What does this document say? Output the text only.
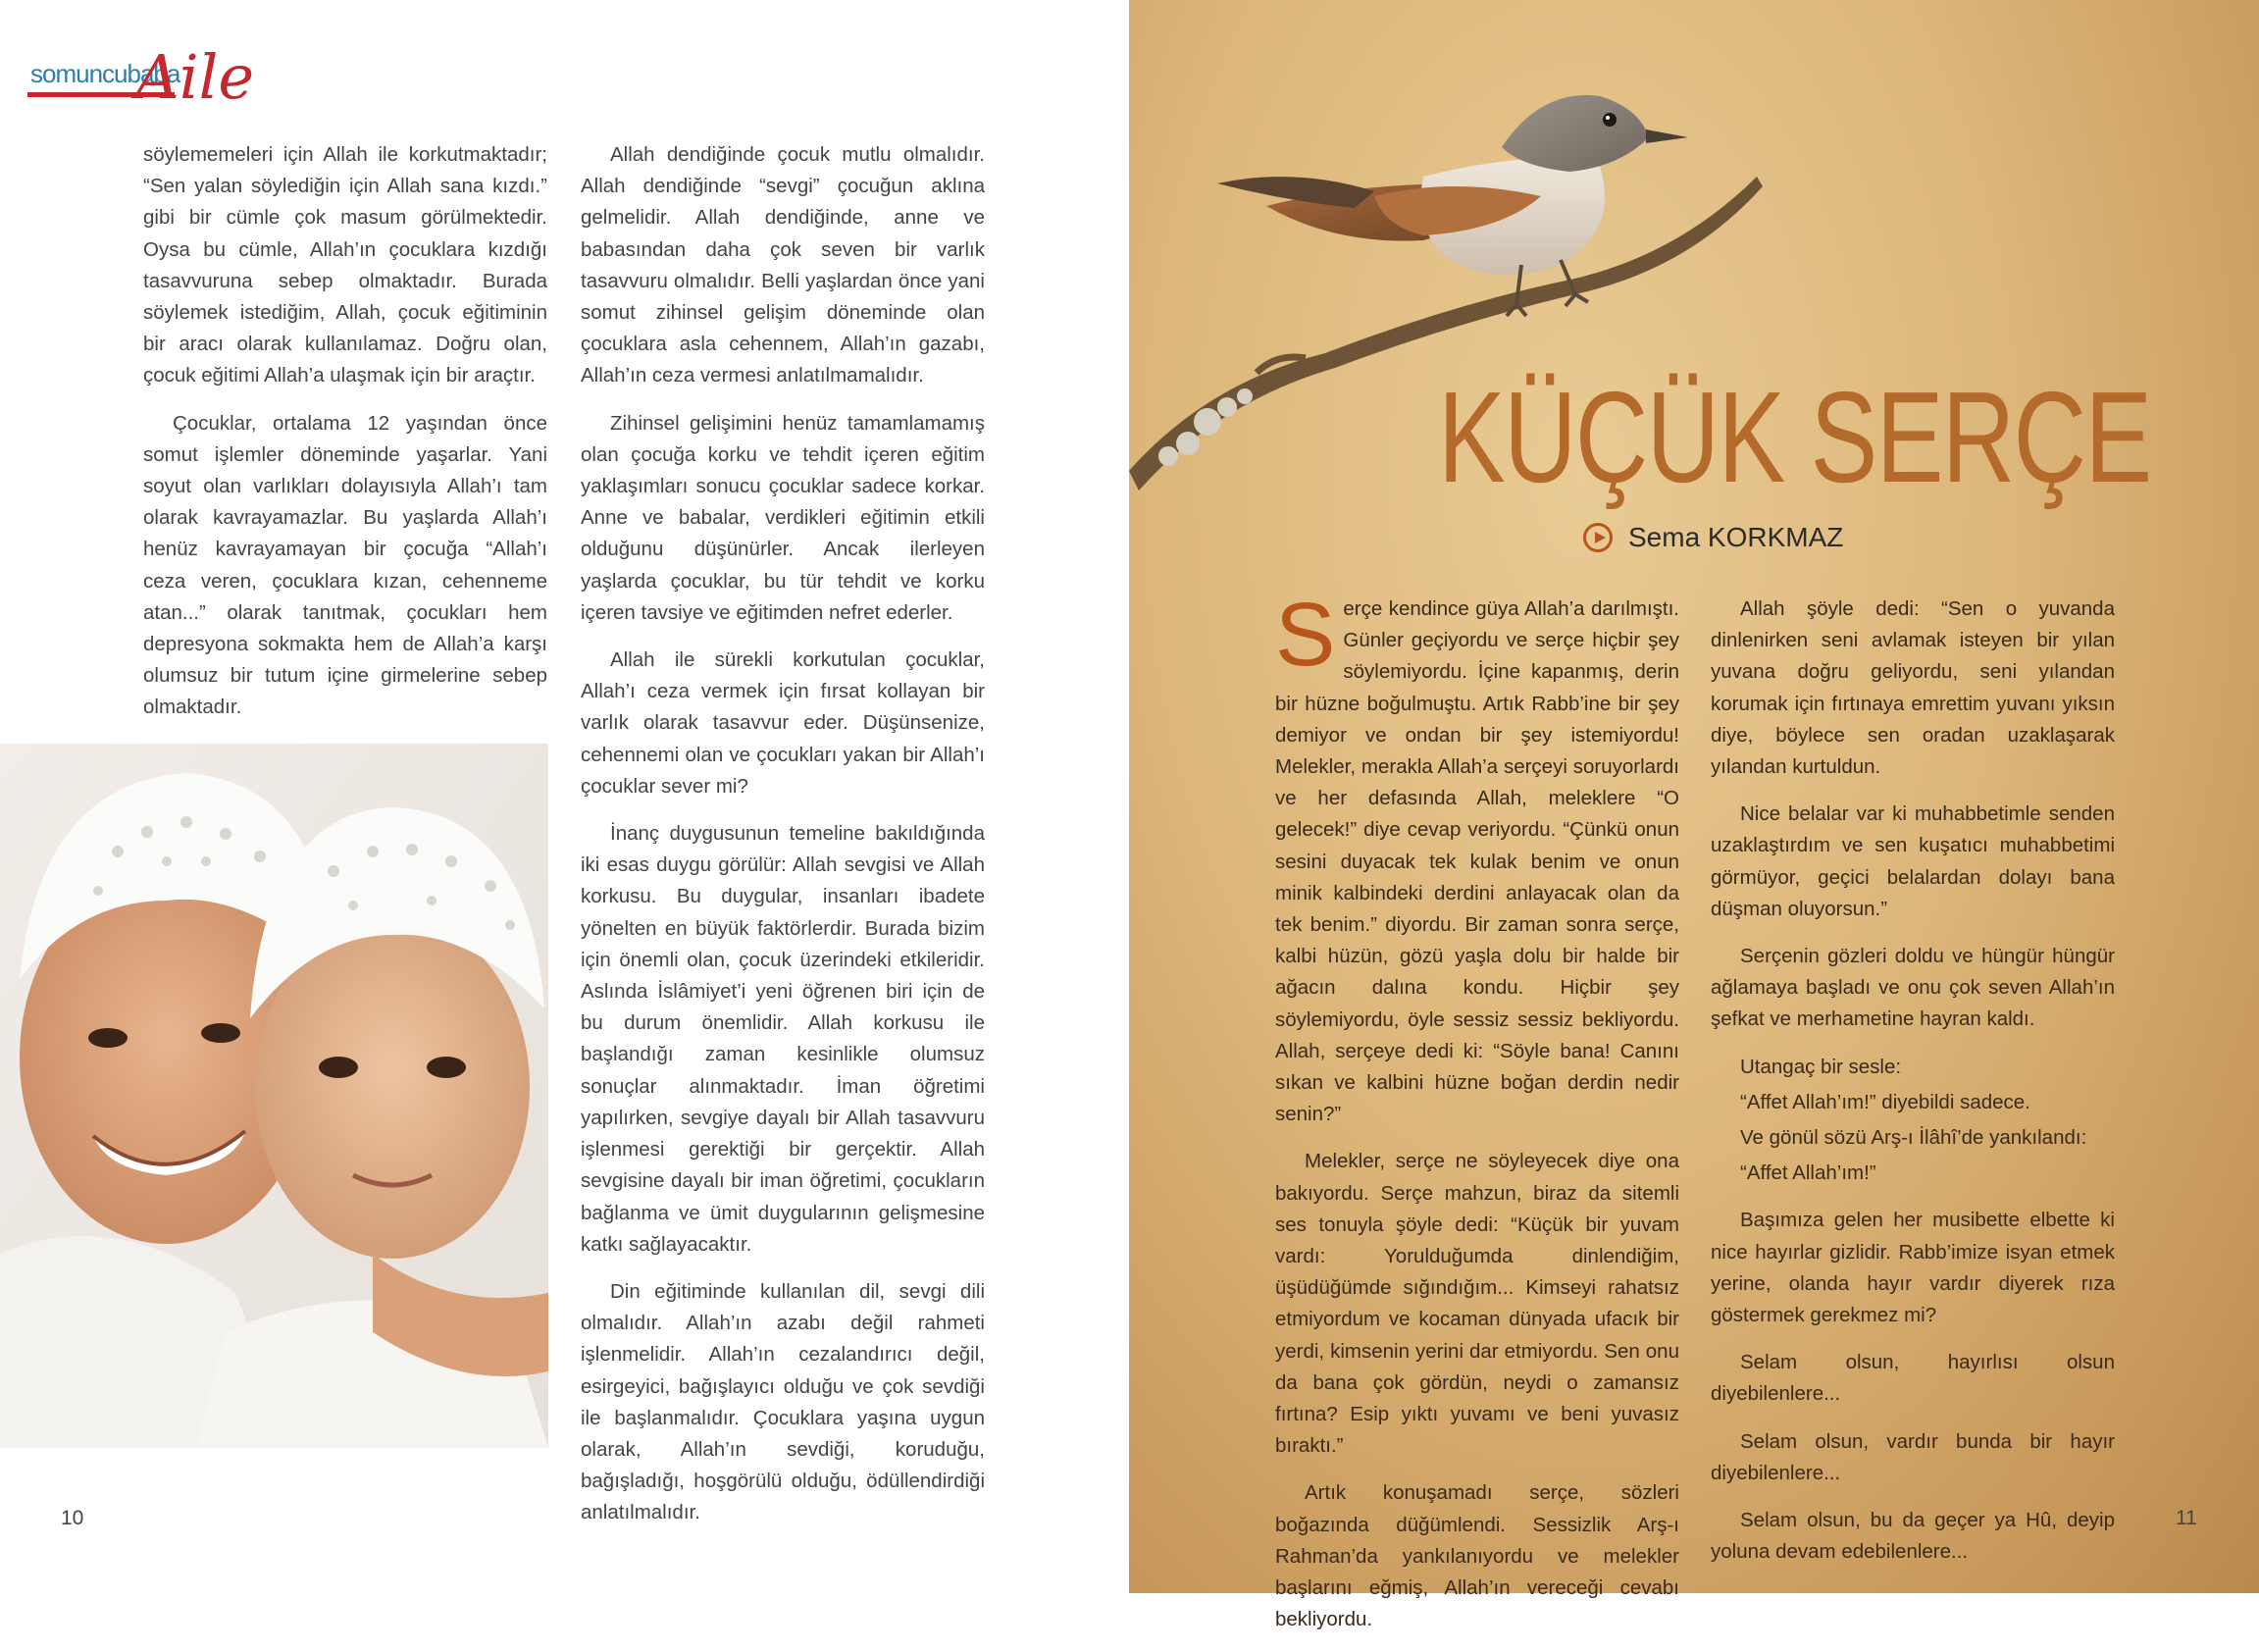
somuncubaba
Aile

söylememeleri için Allah ile korkutmaktadır; “Sen yalan söylediğin için Allah sana kızdı.” gibi bir cümle çok masum görülmektedir. Oysa bu cümle, Allah’ın çocuklara kızdığı tasavvuruna sebep olmaktadır. Burada söylemek istediğim, Allah, çocuk eğitiminin bir aracı olarak kullanılamaz. Doğru olan, çocuk eğitimi Allah’a ulaşmak için bir araçtır.

Çocuklar, ortalama 12 yaşından önce somut işlemler döneminde yaşarlar. Yani soyut olan varlıkları dolayısıyla Allah’ı tam olarak kavrayamazlar. Bu yaşlarda Allah’ı henüz kavrayamayan bir çocuğa “Allah’ı ceza veren, çocuklara kızan, cehenneme atan...” olarak tanıtmak, çocukları hem depresyona sokmakta hem de Allah’a karşı olumsuz bir tutum içine girmelerine sebep olmaktadır.

Allah dendiğinde çocuk mutlu olmalıdır. Allah dendiğinde “sevgi” çocuğun aklına gelmelidir. Allah dendiğinde, anne ve babasından daha çok seven bir varlık tasavvuru olmalıdır. Belli yaşlardan önce yani somut zihinsel gelişim döneminde olan çocuklara asla cehennem, Allah’ın gazabı, Allah’ın ceza vermesi anlatılmamalıdır.

Zihinsel gelişimini henüz tamamlamamış olan çocuğa korku ve tehdit içeren eğitim yaklaşımları sonucu çocuklar sadece korkar. Anne ve babalar, verdikleri eğitimin etkili olduğunu düşünürler. Ancak ilerleyen yaşlarda çocuklar, bu tür tehdit ve korku içeren tavsiye ve eğitimden nefret ederler.

Allah ile sürekli korkutulan çocuklar, Allah’ı ceza vermek için fırsat kollayan bir varlık olarak tasavvur eder. Düşünsenize, cehennemi olan ve çocukları yakan bir Allah’ı çocuklar sever mi?

İnanç duygusunun temeline bakıldığında iki esas duygu görülür: Allah sevgisi ve Allah korkusu. Bu duygular, insanları ibadete yönelten en büyük faktörlerdir. Burada bizim için önemli olan, çocuk üzerindeki etkileridir. Aslında İslâmiyet’i yeni öğrenen biri için de bu durum önemlidir. Allah korkusu ile başlandığı zaman kesinlikle olumsuz sonuçlar alınmaktadır. İman öğretimi yapılırken, sevgiye dayalı bir Allah tasavvuru işlenmesi gerektiği bir gerçektir. Allah sevgisine dayalı bir iman öğretimi, çocukların bağlanma ve ümit duygularının gelişmesine katkı sağlayacaktır.

Din eğitiminde kullanılan dil, sevgi dili olmalıdır. Allah’ın azabı değil rahmeti işlenmelidir. Allah’ın cezalandırıcı değil, esirgeyici, bağışlayıcı olduğu ve çok sevdiği ile başlanmalıdır. Çocuklara yaşına uygun olarak, Allah’ın sevdiği, koruduğu, bağışladığı, hoşgörülü olduğu, ödüllendirdiği anlatılmalıdır.

10
KÜÇÜK SERÇE
Sema KORKMAZ

Serçe kendince güya Allah’a darılmıştı. Günler geçiyordu ve serçe hiçbir şey söylemiyordu. İçine kapanmış, derin bir hüzne boğulmuştu. Artık Rabb’ine bir şey demiyor ve ondan bir şey istemiyordu! Melekler, merakla Allah’a serçeyi soruyorlardı ve her defasında Allah, meleklere “O gelecek!” diye cevap veriyordu. “Çünkü onun sesini duyacak tek kulak benim ve onun minik kalbindeki derdini anlayacak olan da tek benim.” diyordu. Bir zaman sonra serçe, kalbi hüzün, gözü yaşla dolu bir halde bir ağacın dalına kondu. Hiçbir şey söylemiyordu, öyle sessiz sessiz bekliyordu. Allah, serçeye dedi ki: “Söyle bana! Canını sıkan ve kalbini hüzne boğan derdin nedir senin?”

Melekler, serçe ne söyleyecek diye ona bakıyordu. Serçe mahzun, biraz da sitemli ses tonuyla şöyle dedi: “Küçük bir yuvam vardı: Yorulduğumda dinlendiğim, üşüdüğümde sığındığım... Kimseyi rahatsız etmiyordum ve kocaman dünyada ufacık bir yerdi, kimsenin yerini dar etmiyordu. Sen onu da bana çok gördün, neydi o zamansız fırtına? Esip yıktı yuvamı ve beni yuvasız bıraktı.”

Artık konuşamadı serçe, sözleri boğazında düğümlendi. Sessizlik Arş-ı Rahman’da yankılanıyordu ve melekler başlarını eğmiş, Allah’ın vereceği cevabı bekliyordu.

Allah şöyle dedi: “Sen o yuvanda dinlenirken seni avlamak isteyen bir yılan yuvana doğru geliyordu, seni yılandan korumak için fırtınaya emrettim yuvanı yıksın diye, böylece sen oradan uzaklaşarak yılandan kurtuldun.

Nice belalar var ki muhabbetimle senden uzaklaştırdım ve sen kuşatıcı muhabbetimi görmüyor, geçici belalardan dolayı bana düşman oluyorsun.”

Serçenin gözleri doldu ve hüngür hüngür ağlamaya başladı ve onu çok seven Allah’ın şefkat ve merhametine hayran kaldı.

Utangaç bir sesle:

“Affet Allah’ım!” diyebildi sadece.

Ve gönül sözü Arş-ı İlâhî’de yankılandı:

“Affet Allah’ım!”

Başımıza gelen her musibette elbette ki nice hayırlar gizlidir. Rabb’imize isyan etmek yerine, olanda hayır vardır diyerek rıza göstermek gerekmez mi?

Selam olsun, hayırlısı olsun diyebilenlere...

Selam olsun, vardır bunda bir hayır diyebilenlere...

Selam olsun, bu da geçer ya Hû, deyip yoluna devam edebilenlere...

11
